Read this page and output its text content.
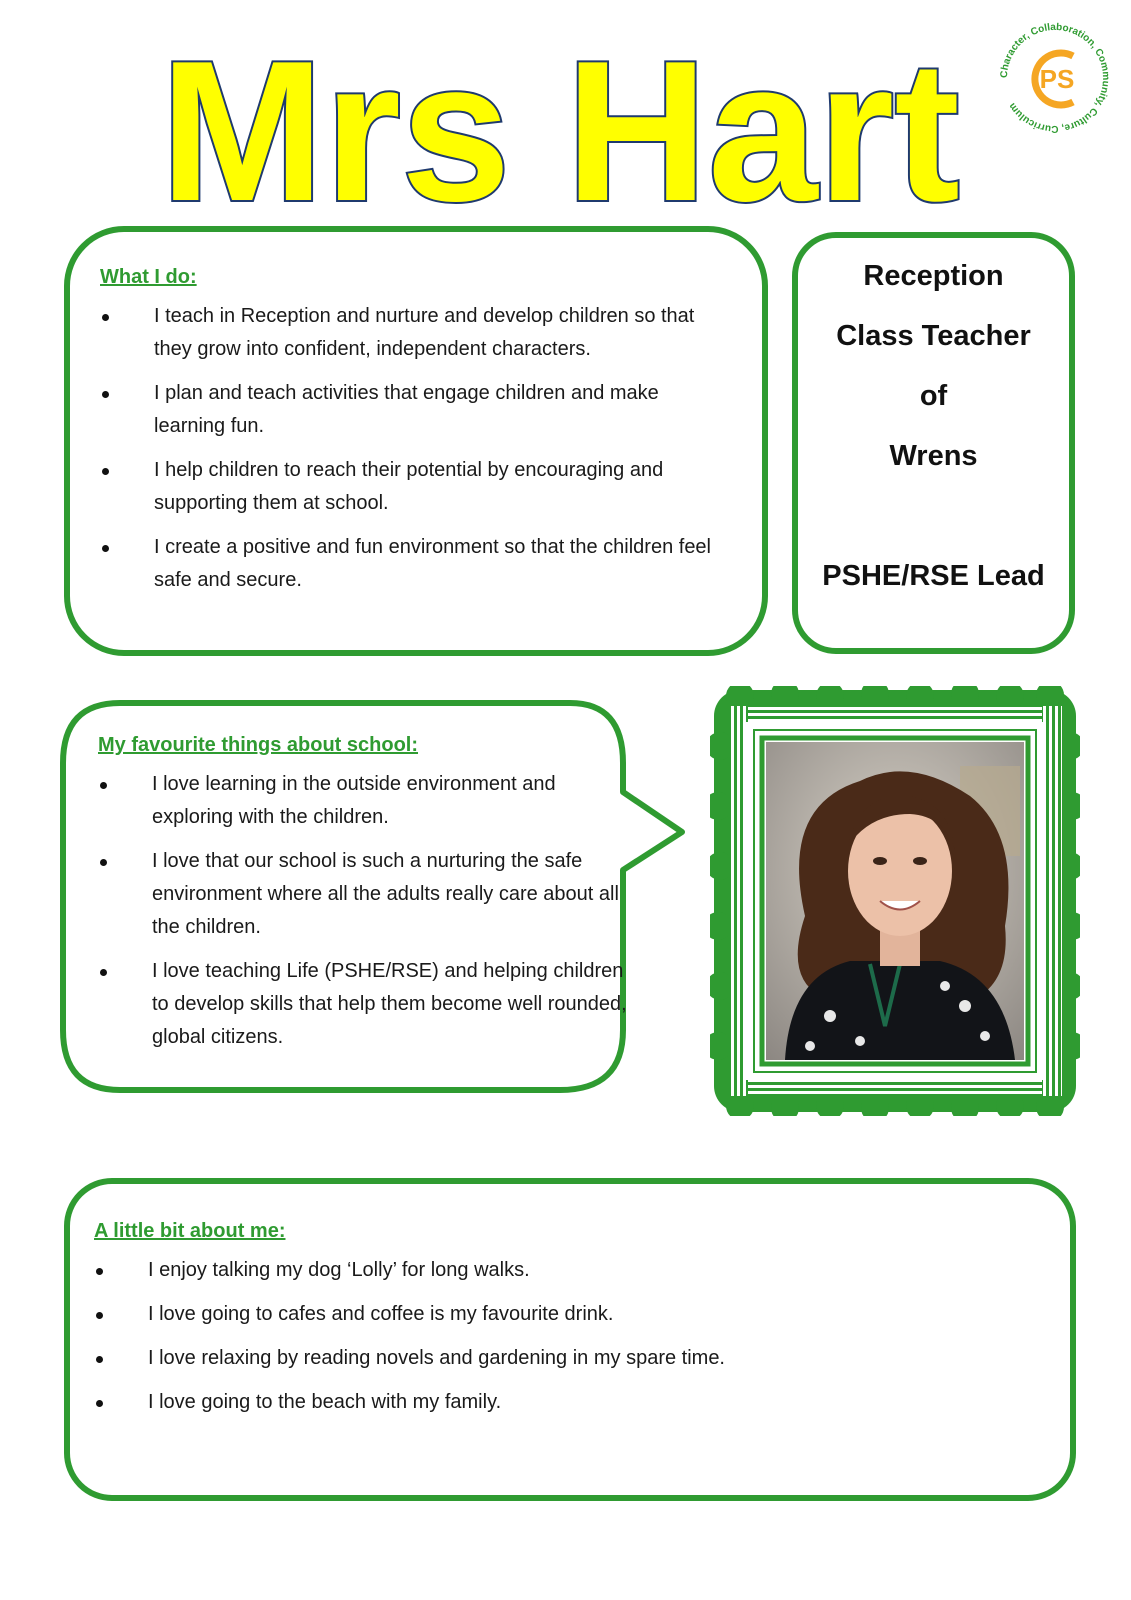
Mrs Hart	Character, Collaboration, Community, Culture, Curriculum
PS

What I do:

I teach in Reception and nurture and develop children so that they grow into confident, independent characters.
I plan and teach activities that engage children and make learning fun.
I help children to reach their potential by encouraging and supporting them at school.
I create a positive and fun environment so that the children feel safe and secure.
Reception
Class Teacher
of
Wrens
PSHE/RSE Lead

My favourite things about school:

I love learning in the outside environment and exploring with the children.
I love that our school is such a nurturing the safe environment where all the adults really care about all the children.
I love teaching Life (PSHE/RSE) and helping children to develop skills that help them become well rounded, global citizens.

A little bit about me:

I enjoy talking my dog ‘Lolly’ for long walks.
I love going to cafes and coffee is my favourite drink.
I love relaxing by reading novels and gardening in my spare time.
I love going to the beach with my family.
